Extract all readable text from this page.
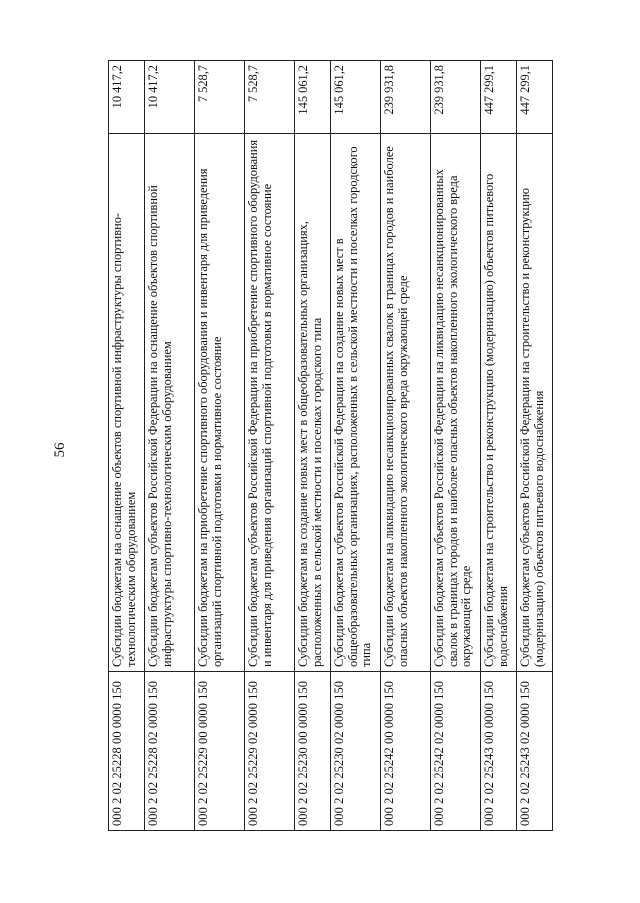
56
000 2 02 25228 00 0000 150	Субсидии бюджетам на оснащение объектов спортивной инфраструктуры спортивно-технологическим оборудованием	10 417,2
000 2 02 25228 02 0000 150	Субсидии бюджетам субъектов Российской Федерации на оснащение объектов спортивной инфраструктуры спортивно-технологическим оборудованием	10 417,2
000 2 02 25229 00 0000 150	Субсидии бюджетам на приобретение спортивного оборудования и инвентаря для приведения организаций спортивной подготовки в нормативное состояние	7 528,7
000 2 02 25229 02 0000 150	Субсидии бюджетам субъектов Российской Федерации на приобретение спортивного оборудования и инвентаря для приведения организаций спортивной подготовки в нормативное состояние	7 528,7
000 2 02 25230 00 0000 150	Субсидии бюджетам на создание новых мест в общеобразовательных организациях, расположенных в сельской местности и поселках городского типа	145 061,2
000 2 02 25230 02 0000 150	Субсидии бюджетам субъектов Российской Федерации на создание новых мест в общеобразовательных организациях, расположенных в сельской местности и поселках городского типа	145 061,2
000 2 02 25242 00 0000 150	Субсидии бюджетам на ликвидацию несанкционированных свалок в границах городов и наиболее опасных объектов накопленного экологического вреда окружающей среде	239 931,8
000 2 02 25242 02 0000 150	Субсидии бюджетам субъектов Российской Федерации на ликвидацию несанкционированных свалок в границах городов и наиболее опасных объектов накопленного экологического вреда окружающей среде	239 931,8
000 2 02 25243 00 0000 150	Субсидии бюджетам на строительство и реконструкцию (модернизацию) объектов питьевого водоснабжения	447 299,1
000 2 02 25243 02 0000 150	Субсидии бюджетам субъектов Российской Федерации на строительство и реконструкцию (модернизацию) объектов питьевого водоснабжения	447 299,1
